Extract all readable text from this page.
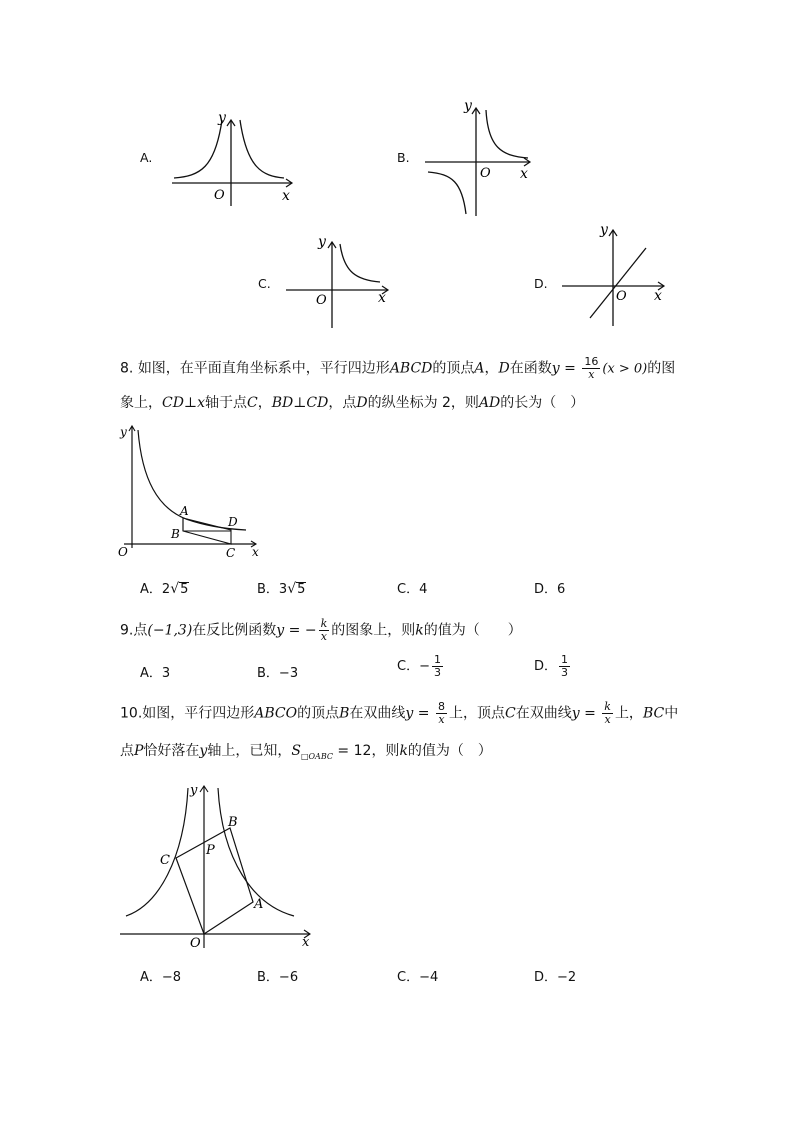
A.
y
x
O
B.
y
x
O
C.
y
x
O
D.
y
x
O
8. 如图，在平面直角坐标系中，平行四边形ABCD的顶点A，D在函数$y = \frac{16}{x} (x > 0)$的图
象上，CD⊥x轴于点C，BD⊥CD，点D的纵坐标为 2，则AD的长为（　）
A
B
C
D
O	x
y
A．2√5	B．3√5	C．4	D．6
9.点(−1,3)在反比例函数y = − $\frac{k}{x}$ 的图象上，则k的值为（　　）
A．3	B．−3	C．− $\frac{1}{3}$	D． $\frac{1}{3}$
10.如图，平行四边形ABCO的顶点B在双曲线$y = \frac{8}{x}$ 上，顶点C在双曲线$y = \frac{k}{x}$ 上，BC中
点P恰好落在y轴上，已知，$S_{□OABC} = 12$，则k的值为（　）
B
C
P
A
O	x
y
A．−8	B．−6	C．−4	D．−2
